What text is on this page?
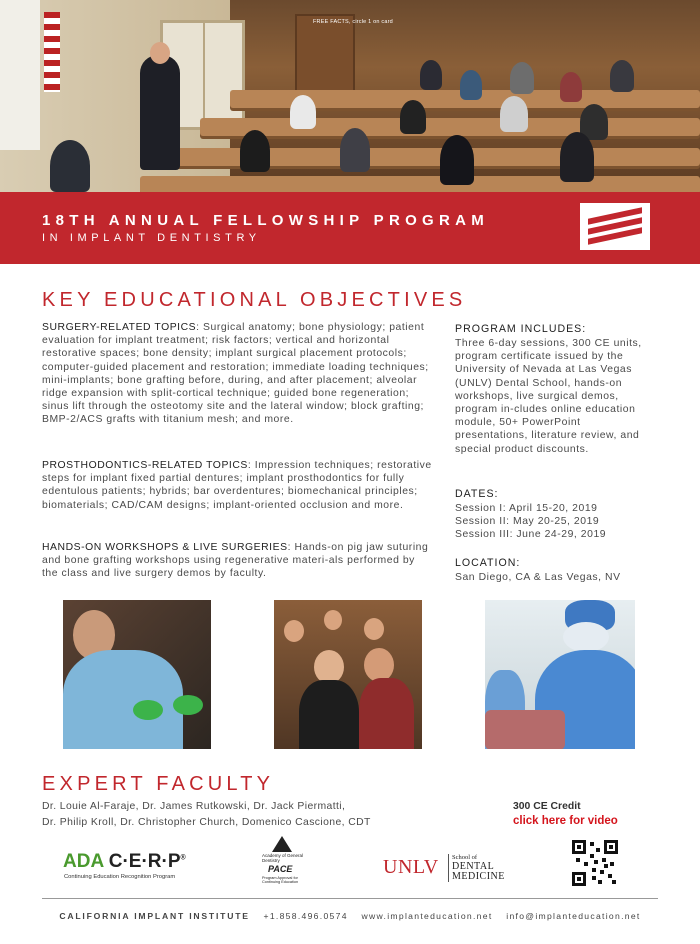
FREE FACTS, circle 1 on card
18TH ANNUAL FELLOWSHIP PROGRAM
IN IMPLANT DENTISTRY
KEY EDUCATIONAL OBJECTIVES
SURGERY-RELATED TOPICS: Surgical anatomy; bone physiology; patient evaluation for implant treatment; risk factors; vertical and horizontal restorative spaces; bone density; implant surgical placement protocols; computer-guided placement and restoration; immediate loading techniques; mini-implants; bone grafting before, during, and after placement; alveolar ridge expansion with split-cortical technique; guided bone regeneration; sinus lift through the osteotomy site and the lateral window; block grafting; BMP-2/ACS grafts with titanium mesh; and more.
PROSTHODONTICS-RELATED TOPICS: Impression techniques; restorative steps for implant fixed partial dentures; implant prosthodontics for fully edentulous patients; hybrids; bar overdentures; biomechanical principles; biomaterials; CAD/CAM designs; implant-oriented occlusion and more.
HANDS-ON WORKSHOPS & LIVE SURGERIES: Hands-on pig jaw suturing and bone grafting workshops using regenerative materi-als performed by the class and live surgery demos by faculty.
PROGRAM INCLUDES:
Three 6-day sessions, 300 CE units, program certificate issued by the University of Nevada at Las Vegas (UNLV) Dental School, hands-on workshops, live surgical demos, program in-cludes online education module, 50+ PowerPoint presentations, literature review, and special product discounts.
DATES:
Session I: April 15-20, 2019
Session II: May 20-25, 2019
Session III: June 24-29, 2019
LOCATION:
San Diego, CA & Las Vegas, NV
EXPERT FACULTY
Dr. Louie Al-Faraje, Dr. James Rutkowski, Dr. Jack Piermatti,
Dr. Philip Kroll, Dr. Christopher Church, Domenico Cascione, CDT
300 CE Credit
click here for video
ADA C·E·R·P®
Continuing Education Recognition Program
Academy of General Dentistry
PACE
Program Approval for Continuing Education
UNLV School of
DENTAL
MEDICINE
CALIFORNIA IMPLANT INSTITUTE +1.858.496.0574 www.implanteducation.net info@implanteducation.net
